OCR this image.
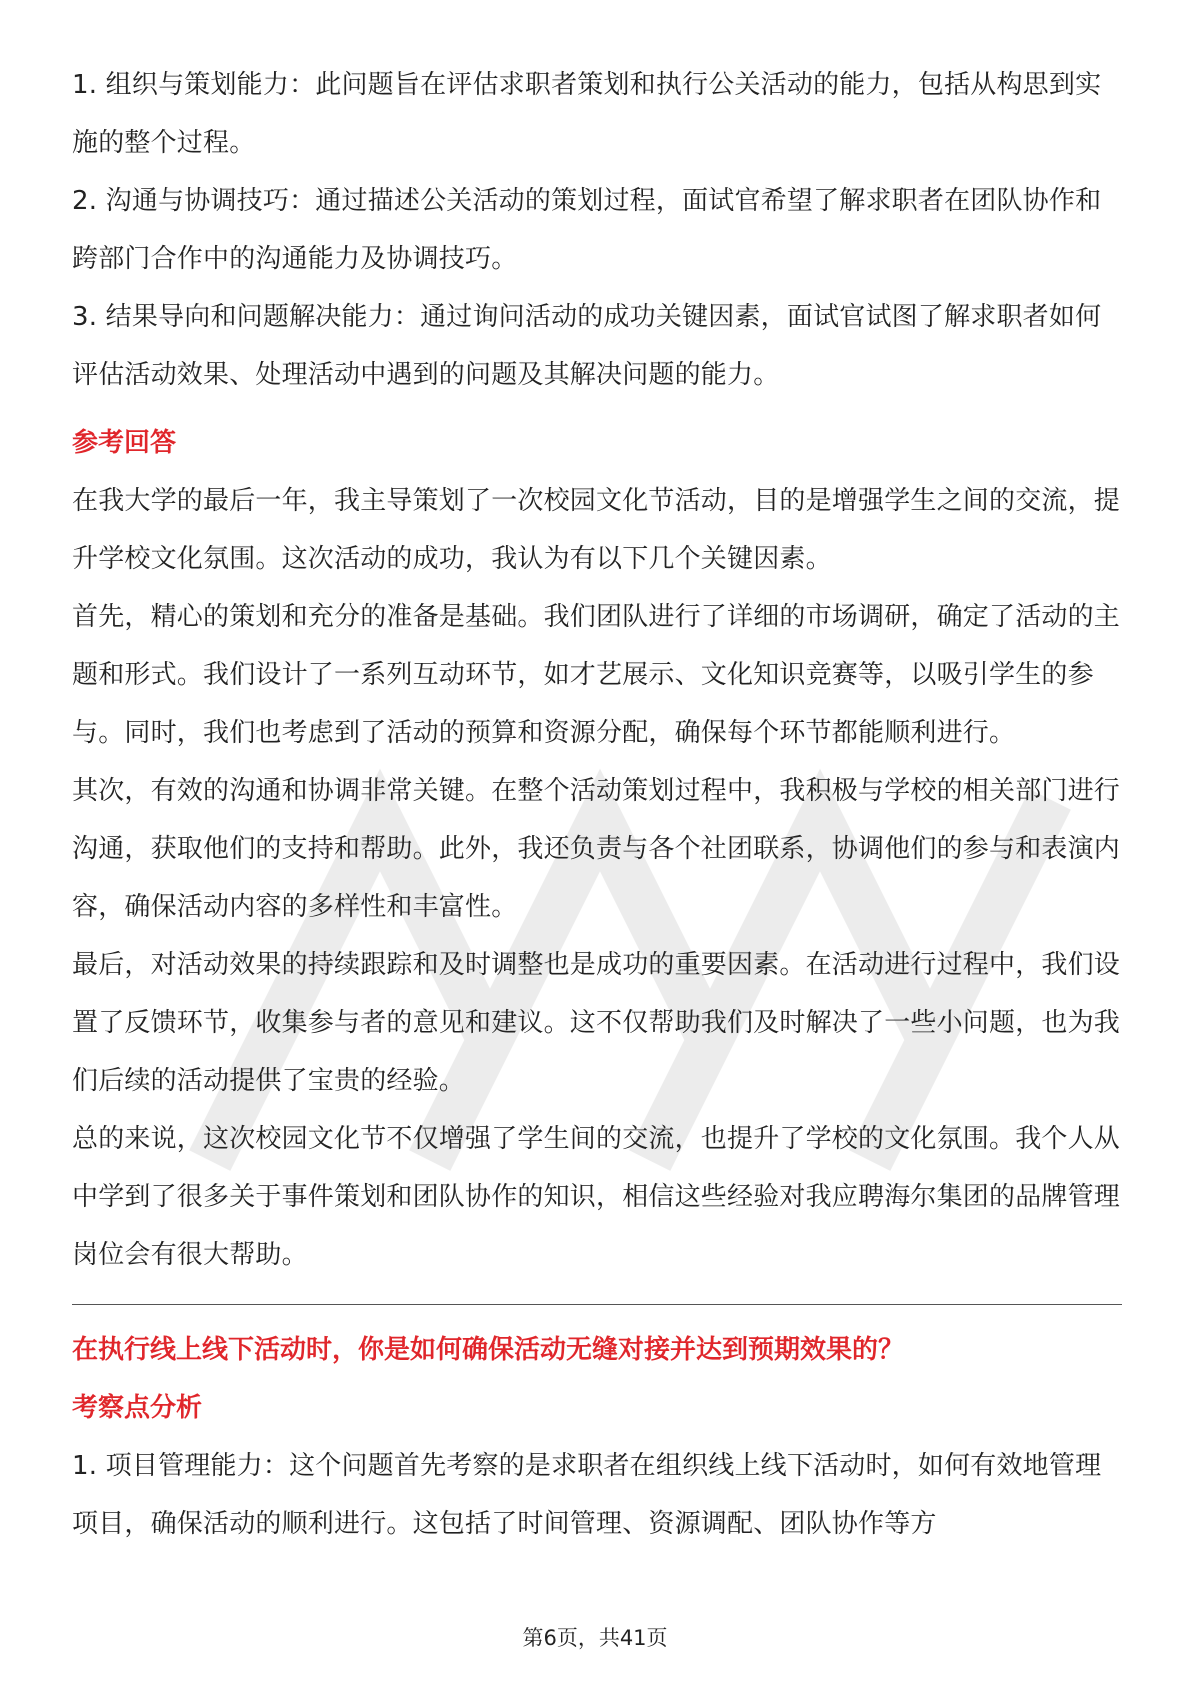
1. 组织与策划能力：此问题旨在评估求职者策划和执行公关活动的能力，包括从构思到实施的整个过程。

2. 沟通与协调技巧：通过描述公关活动的策划过程，面试官希望了解求职者在团队协作和跨部门合作中的沟通能力及协调技巧。

3. 结果导向和问题解决能力：通过询问活动的成功关键因素，面试官试图了解求职者如何评估活动效果、处理活动中遇到的问题及其解决问题的能力。

参考回答

在我大学的最后一年，我主导策划了一次校园文化节活动，目的是增强学生之间的交流，提升学校文化氛围。这次活动的成功，我认为有以下几个关键因素。

首先，精心的策划和充分的准备是基础。我们团队进行了详细的市场调研，确定了活动的主题和形式。我们设计了一系列互动环节，如才艺展示、文化知识竞赛等，以吸引学生的参与。同时，我们也考虑到了活动的预算和资源分配，确保每个环节都能顺利进行。

其次，有效的沟通和协调非常关键。在整个活动策划过程中，我积极与学校的相关部门进行沟通，获取他们的支持和帮助。此外，我还负责与各个社团联系，协调他们的参与和表演内容，确保活动内容的多样性和丰富性。

最后，对活动效果的持续跟踪和及时调整也是成功的重要因素。在活动进行过程中，我们设置了反馈环节，收集参与者的意见和建议。这不仅帮助我们及时解决了一些小问题，也为我们后续的活动提供了宝贵的经验。

总的来说，这次校园文化节不仅增强了学生间的交流，也提升了学校的文化氛围。我个人从中学到了很多关于事件策划和团队协作的知识，相信这些经验对我应聘海尔集团的品牌管理岗位会有很大帮助。

在执行线上线下活动时，你是如何确保活动无缝对接并达到预期效果的？
考察点分析

1. 项目管理能力：这个问题首先考察的是求职者在组织线上线下活动时，如何有效地管理项目，确保活动的顺利进行。这包括了时间管理、资源调配、团队协作等方

第6页，共41页
